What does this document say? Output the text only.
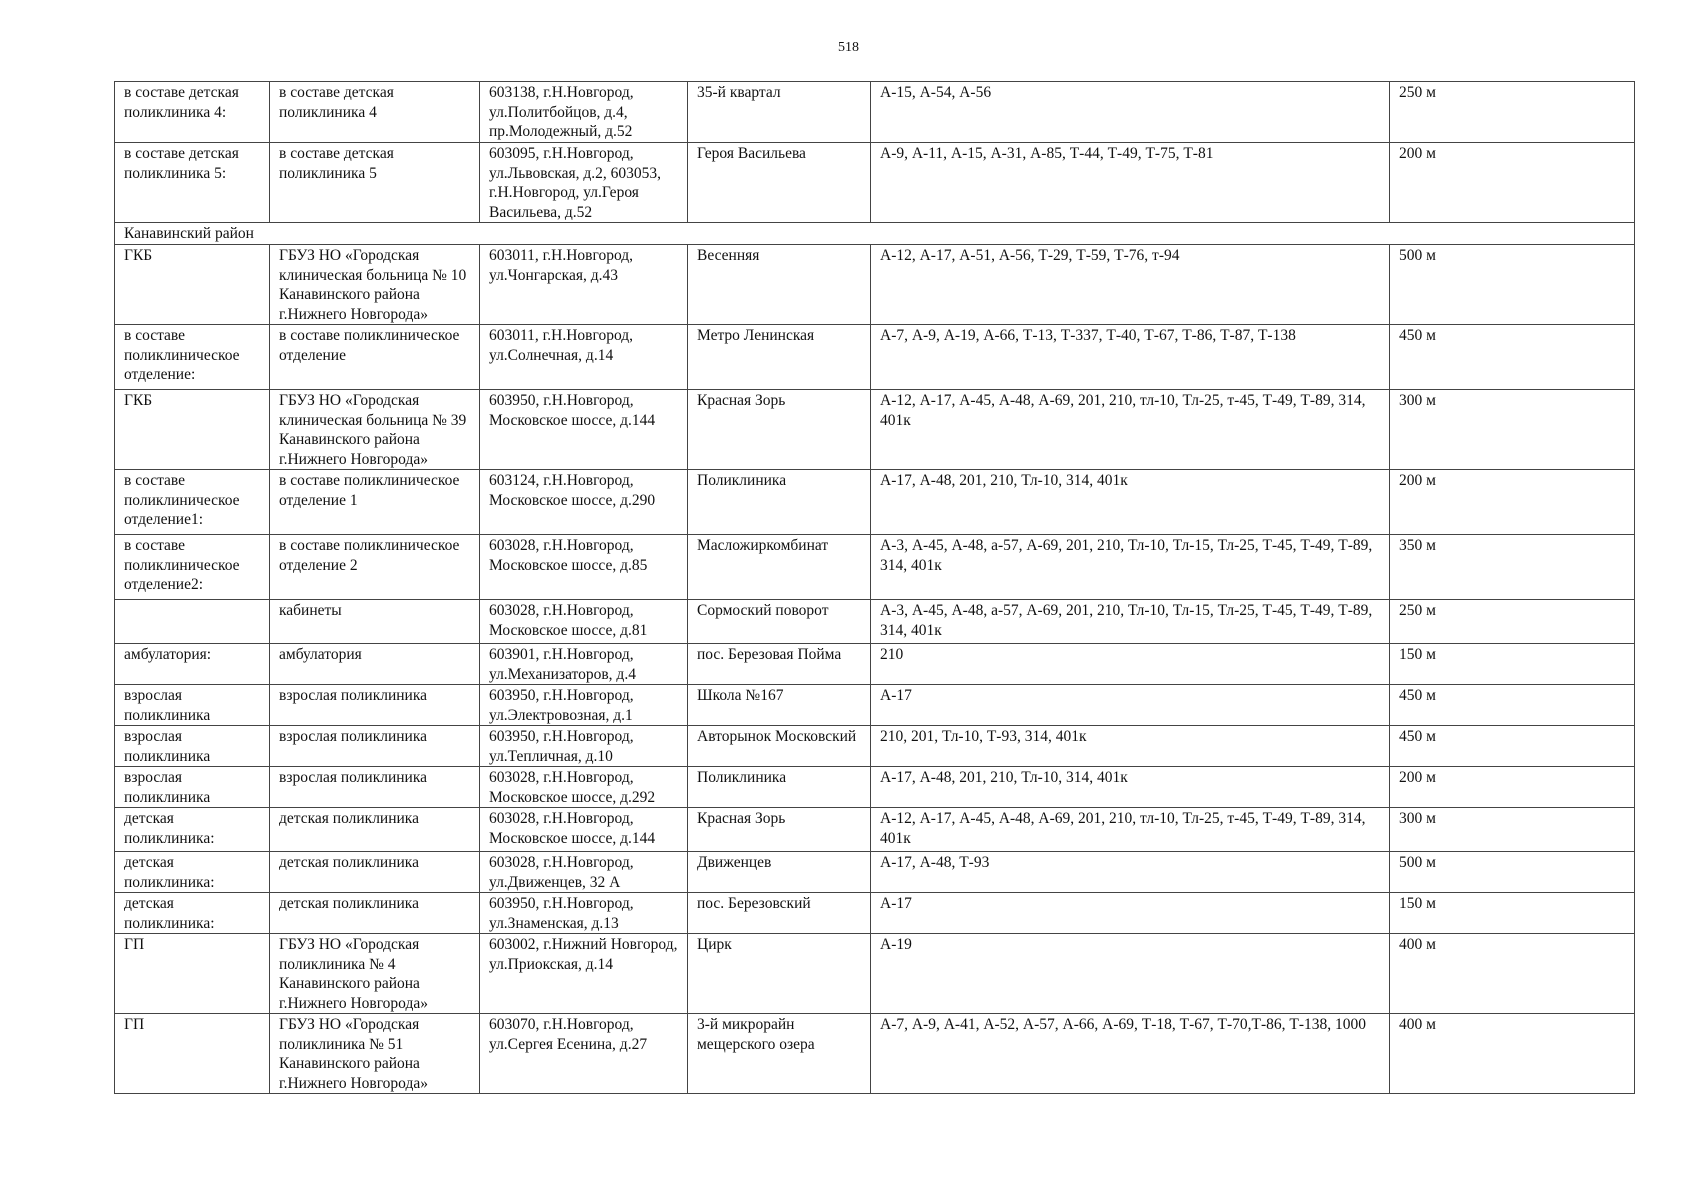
518
в составе детская поликлиника 4:	в составе детская поликлиника 4	603138, г.Н.Новгород, ул.Политбойцов, д.4, пр.Молодежный, д.52	35-й квартал	А-15, А-54, А-56	250 м
в составе детская поликлиника 5:	в составе детская поликлиника 5	603095, г.Н.Новгород, ул.Львовская, д.2, 603053, г.Н.Новгород, ул.Героя Васильева, д.52	Героя Васильева	А-9, А-11, А-15, А-31, А-85, Т-44, Т-49, Т-75, Т-81	200 м
Канавинский район					
ГКБ	ГБУЗ НО «Городская клиническая больница № 10 Канавинского района г.Нижнего Новгорода»	603011, г.Н.Новгород, ул.Чонгарская, д.43	Весенняя	А-12, А-17, А-51, А-56, Т-29, Т-59, Т-76, т-94	500 м
в составе поликлиническое отделение:	в составе поликлиническое отделение	603011, г.Н.Новгород, ул.Солнечная, д.14	Метро Ленинская	А-7, А-9, А-19, А-66, Т-13, Т-337, Т-40, Т-67, Т-86, Т-87, Т-138	450 м
ГКБ	ГБУЗ НО «Городская клиническая больница № 39 Канавинского района г.Нижнего Новгорода»	603950, г.Н.Новгород, Московское шоссе, д.144	Красная Зорь	А-12, А-17, А-45, А-48, А-69, 201, 210, тл-10, Тл-25, т-45, Т-49, Т-89, 314, 401к	300 м
в составе поликлиническое отделение1:	в составе поликлиническое отделение 1	603124, г.Н.Новгород, Московское шоссе, д.290	Поликлиника	А-17, А-48, 201, 210, Тл-10, 314, 401к	200 м
в составе поликлиническое отделение2:	в составе поликлиническое отделение 2	603028, г.Н.Новгород, Московское шоссе, д.85	Масложиркомбинат	А-3, А-45, А-48, а-57, А-69, 201, 210, Тл-10, Тл-15, Тл-25, Т-45, Т-49, Т-89, 314, 401к	350 м
	кабинеты	603028, г.Н.Новгород, Московское шоссе, д.81	Сормоский поворот	А-3, А-45, А-48, а-57, А-69, 201, 210, Тл-10, Тл-15, Тл-25, Т-45, Т-49, Т-89, 314, 401к	250 м
амбулатория:	амбулатория	603901, г.Н.Новгород, ул.Механизаторов, д.4	пос. Березовая Пойма	210	150 м
взрослая поликлиника	взрослая поликлиника	603950, г.Н.Новгород, ул.Электровозная, д.1	Школа №167	А-17	450 м
взрослая поликлиника	взрослая поликлиника	603950, г.Н.Новгород, ул.Тепличная, д.10	Авторынок Московский	210, 201, Тл-10, Т-93, 314, 401к	450 м
взрослая поликлиника	взрослая поликлиника	603028, г.Н.Новгород, Московское шоссе, д.292	Поликлиника	А-17, А-48, 201, 210, Тл-10, 314, 401к	200 м
детская поликлиника:	детская поликлиника	603028, г.Н.Новгород, Московское шоссе, д.144	Красная Зорь	А-12, А-17, А-45, А-48, А-69, 201, 210, тл-10, Тл-25, т-45, Т-49, Т-89, 314, 401к	300 м
детская поликлиника:	детская поликлиника	603028, г.Н.Новгород, ул.Движенцев, 32 А	Движенцев	А-17, А-48, Т-93	500 м
детская поликлиника:	детская поликлиника	603950, г.Н.Новгород, ул.Знаменская, д.13	пос. Березовский	А-17	150 м
ГП	ГБУЗ НО «Городская поликлиника № 4 Канавинского района г.Нижнего Новгорода»	603002, г.Нижний Новгород, ул.Приокская, д.14	Цирк	А-19	400 м
ГП	ГБУЗ НО «Городская поликлиника № 51 Канавинского района г.Нижнего Новгорода»	603070, г.Н.Новгород, ул.Сергея Есенина, д.27	3-й микрорайн мещерского озера	А-7, А-9, А-41, А-52, А-57, А-66, А-69, Т-18, Т-67, Т-70,Т-86, Т-138, 1000	400 м
